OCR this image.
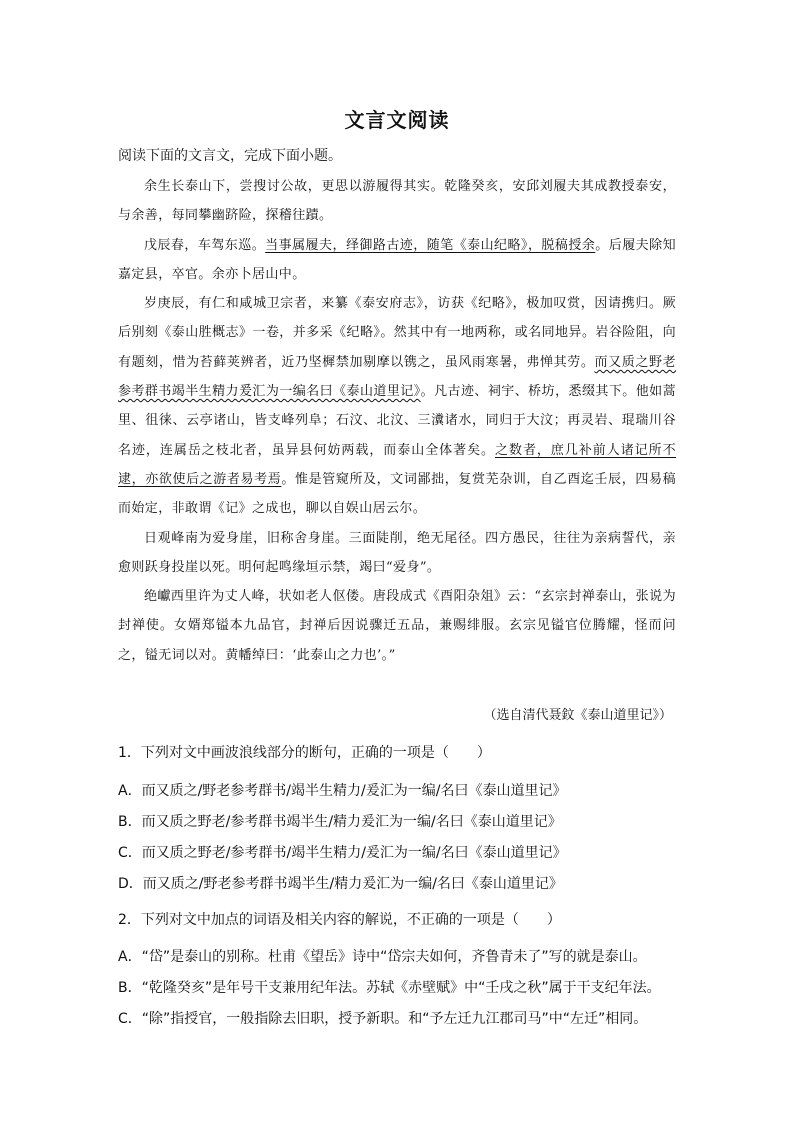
文言文阅读
阅读下面的文言文，完成下面小题。

余生长泰山下，尝搜讨公故，更思以游履得其实。乾隆癸亥，安邱刘履夫其成教授泰安，与余善，每同攀幽跻险，探稽往蹟。

戊辰春，车驾东巡。当事属履夫，绎御路古迹，随笔《泰山纪略》，脱稿授余。后履夫除知嘉定县，卒官。余亦卜居山中。

岁庚辰，有仁和咸城卫宗者，来纂《泰安府志》，访获《纪略》，极加叹赏，因请携归。厥后别刻《泰山胜概志》一卷，并多采《纪略》。然其中有一地两称，或名同地异。岩谷险阻，向有题刻，惜为苔藓荚辨者，近乃坚樨禁加剔摩以镌之，虽风雨寒暑，弗惮其劳。而又质之野老参考群书竭半生精力爰汇为一编名曰《泰山道里记》。凡古迹、祠宇、桥坊，悉缀其下。他如蒿里、徂徕、云亭诸山，皆支峰列阜；石汶、北汶、三瀵诸水，同归于大汶；再灵岩、琨瑞川谷名迹，连属岳之枝北者，虽异县何妨两载，而泰山全体著矣。之数者，庶几补前人诸记所不逮，亦欲使后之游者易考焉。惟是管窥所及，文词鄙拙，复赏芜杂训，自乙酉迄壬辰，四易稿而始定，非敢谓《记》之成也，聊以自娱山居云尔。

日观峰南为爱身崖，旧称舍身崖。三面陡削，绝无尾径。四方愚民，往往为亲病誓代，亲愈则跃身投崖以死。明何起鸣缘垣示禁，竭曰“爱身”。

绝巘西里许为丈人峰，状如老人伛偻。唐段成式《酉阳杂俎》云：“玄宗封禅泰山，张说为封禅使。女婿郑镒本九品官，封禅后因说骤迁五品，兼赐绯服。玄宗见镒官位腾耀，怪而问之，镒无词以对。黄幡绰曰：‘此泰山之力也’。”

（选自清代聂鈫《泰山道里记》）
1．下列对文中画波浪线部分的断句，正确的一项是（　　）
A．而又质之/野老参考群书/竭半生精力/爰汇为一编/名曰《泰山道里记》
B．而又质之野老/参考群书竭半生/精力爰汇为一编/名曰《泰山道里记》
C．而又质之野老/参考群书/竭半生精力/爰汇为一编/名曰《泰山道里记》
D．而又质之/野老参考群书竭半生/精力爰汇为一编/名曰《泰山道里记》
2．下列对文中加点的词语及相关内容的解说，不正确的一项是（　　）
A．“岱”是泰山的别称。杜甫《望岳》诗中“岱宗夫如何，齐鲁青未了”写的就是泰山。
B．“乾隆癸亥”是年号干支兼用纪年法。苏轼《赤壁赋》中“壬戌之秋”属于干支纪年法。
C．“除”指授官，一般指除去旧职，授予新职。和“予左迁九江郡司马”中“左迁”相同。
